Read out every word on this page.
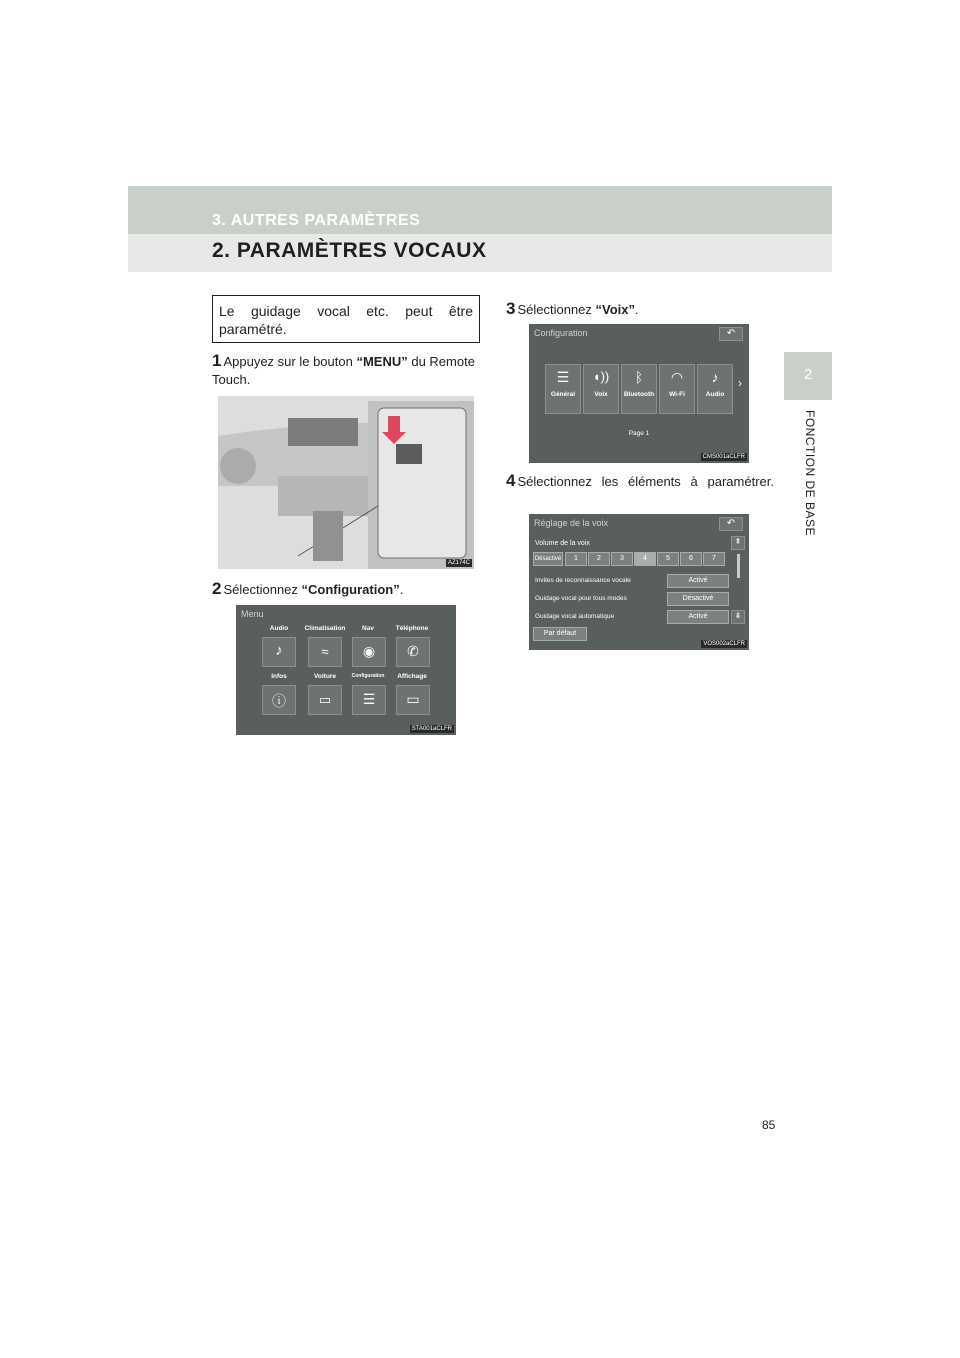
3. AUTRES PARAMÈTRES
2. PARAMÈTRES VOCAUX
2
FONCTION DE BASE
Le guidage vocal etc. peut être paramétré.
1 Appuyez sur le bouton “MENU” du Remote Touch.
AZ174C
2 Sélectionnez “Configuration”.
Menu
Audio	Climatisation	Nav	Téléphone
♪	≈	◉	✆
Infos	Voiture	Configuration	Affichage
ⓘ	▭	☰	▭
STA001aCLFR
3 Sélectionnez “Voix”.
Configuration	↶
☰
Général
◖))
Voix
ᛒ
Bluetooth
◠
Wi-Fi
♪
Audio
›
Page 1
CMS001aCLFR
4 Sélectionnez les éléments à paramétrer.
Réglage de la voix	↶
Volume de la voix
Désactivé	1	2	3	4	5	6	7
⇞
⇟
Invites de reconnaissance vocale	Activé
Guidage vocal pour tous modes	Désactivé
Guidage vocal automatique	Activé
Par défaut
VOS002aCLFR
85
